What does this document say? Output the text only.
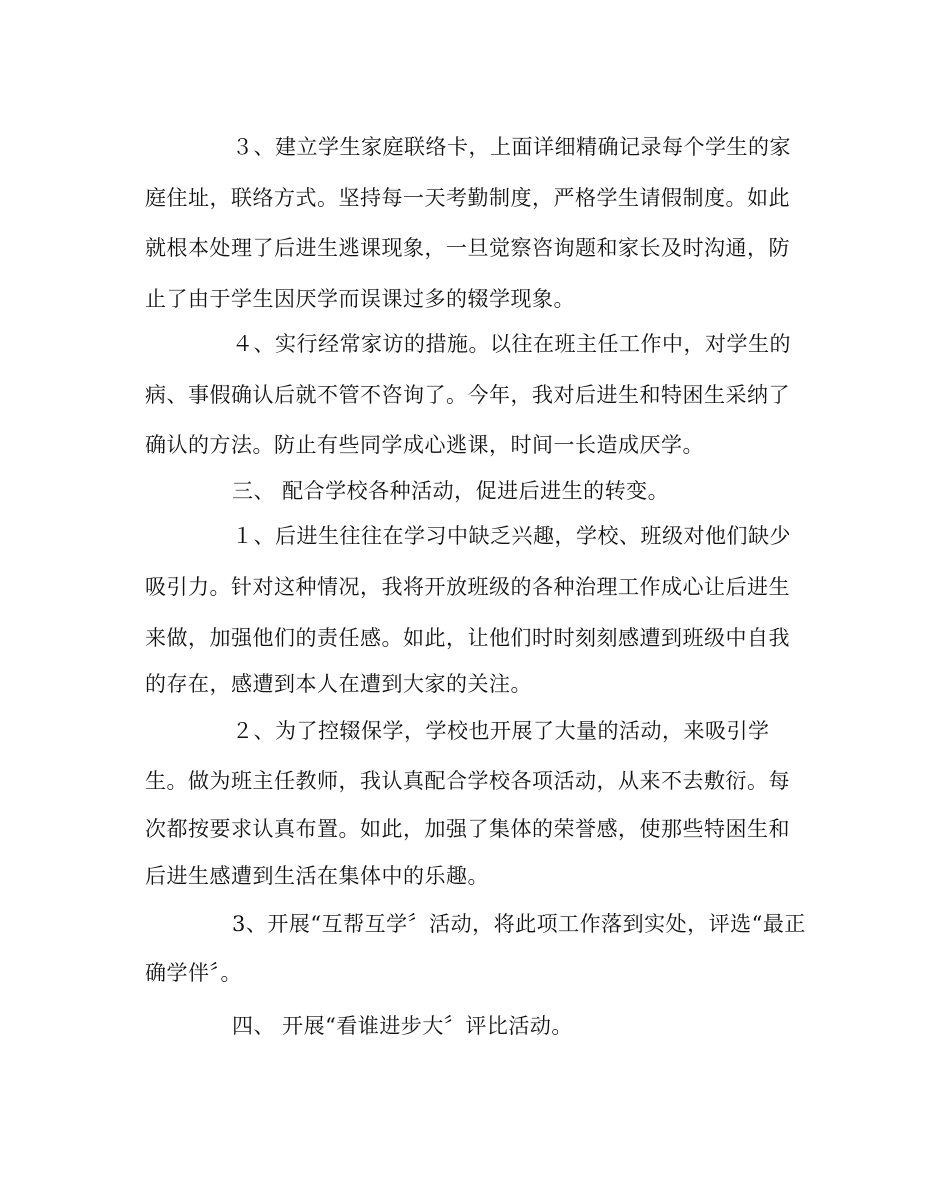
３、建立学生家庭联络卡，上面详细精确记录每个学生的家

庭住址，联络方式。坚持每一天考勤制度，严格学生请假制度。如此

就根本处理了后进生逃课现象，一旦觉察咨询题和家长及时沟通，防

止了由于学生因厌学而误课过多的辍学现象。

４、实行经常家访的措施。以往在班主任工作中，对学生的

病、事假确认后就不管不咨询了。今年，我对后进生和特困生采纳了

确认的方法。防止有些同学成心逃课，时间一长造成厌学。

三、 配合学校各种活动，促进后进生的转变。

１、后进生往往在学习中缺乏兴趣，学校、班级对他们缺少

吸引力。针对这种情况，我将开放班级的各种治理工作成心让后进生

来做，加强他们的责任感。如此，让他们时时刻刻感遭到班级中自我

的存在，感遭到本人在遭到大家的关注。

２、为了控辍保学，学校也开展了大量的活动，来吸引学

生。做为班主任教师，我认真配合学校各项活动，从来不去敷衍。每

次都按要求认真布置。如此，加强了集体的荣誉感，使那些特困生和

后进生感遭到生活在集体中的乐趣。

3、开展“互帮互学〞活动，将此项工作落到实处，评选“最正

确学伴〞。

四、 开展“看谁进步大〞评比活动。
